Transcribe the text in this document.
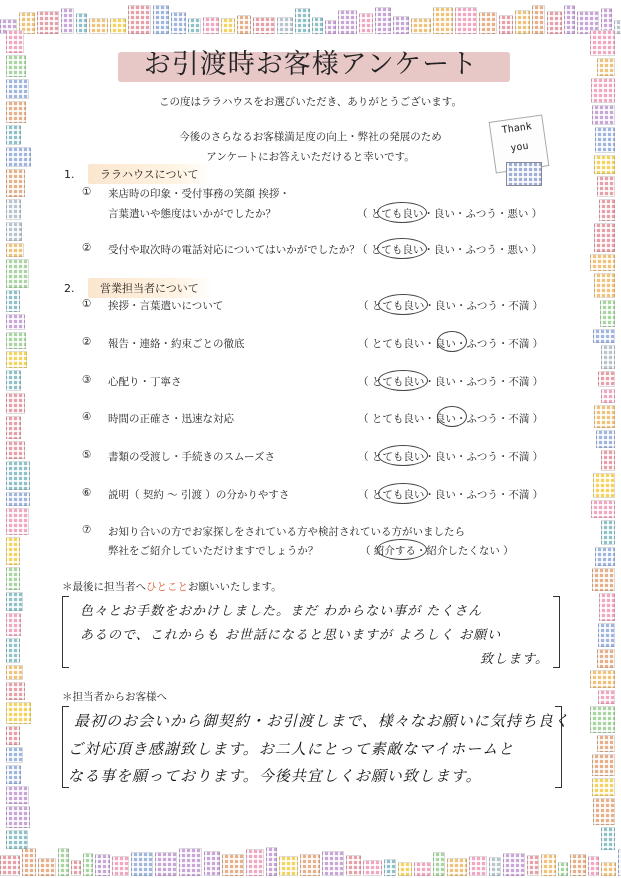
お引渡時お客様アンケート
この度はララハウスをお選びいただき、ありがとうございます。
今後のさらなるお客様満足度の向上・弊社の発展のため
アンケートにお答えいただけると幸いです。
Thank
you
1.	ララハウスについて
①	来店時の印象・受付事務の笑顔 挨拶・
言葉遣いや態度はいかがでしたか？	（ とても良い・良い・ふつう・悪い ）
②	受付や取次時の電話対応についてはいかがでしたか？
（ とても良い・良い・ふつう・悪い ）
2.	営業担当者について
①	挨拶・言葉遣いについて	（ とても良い・良い・ふつう・不満 ）
②	報告・連絡・約束ごとの徹底	（ とても良い・良い・ふつう・不満 ）
③	心配り・丁寧さ	（ とても良い・良い・ふつう・不満 ）
④	時間の正確さ・迅速な対応	（ とても良い・良い・ふつう・不満 ）
⑤	書類の受渡し・手続きのスムーズさ	（ とても良い・良い・ふつう・不満 ）
⑥	説明（ 契約 ～ 引渡 ）の分かりやすさ	（ とても良い・良い・ふつう・不満 ）
⑦	お知り合いの方でお家探しをされている方や検討されている方がいましたら
弊社をご紹介していただけますでしょうか？	（ 紹介する・紹介したくない ）
＊最後に担当者へひとことお願いいたします。
色々とお手数をおかけしました。まだ わからない事が たくさん
あるので、これからも お世話になると思いますが よろしく お願い
致します。
＊担当者からお客様へ
最初のお会いから御契約・お引渡しまで、様々なお願いに気持ち良く
ご対応頂き感謝致します。お二人にとって素敵なマイホームと
なる事を願っております。今後共宜しくお願い致します。
